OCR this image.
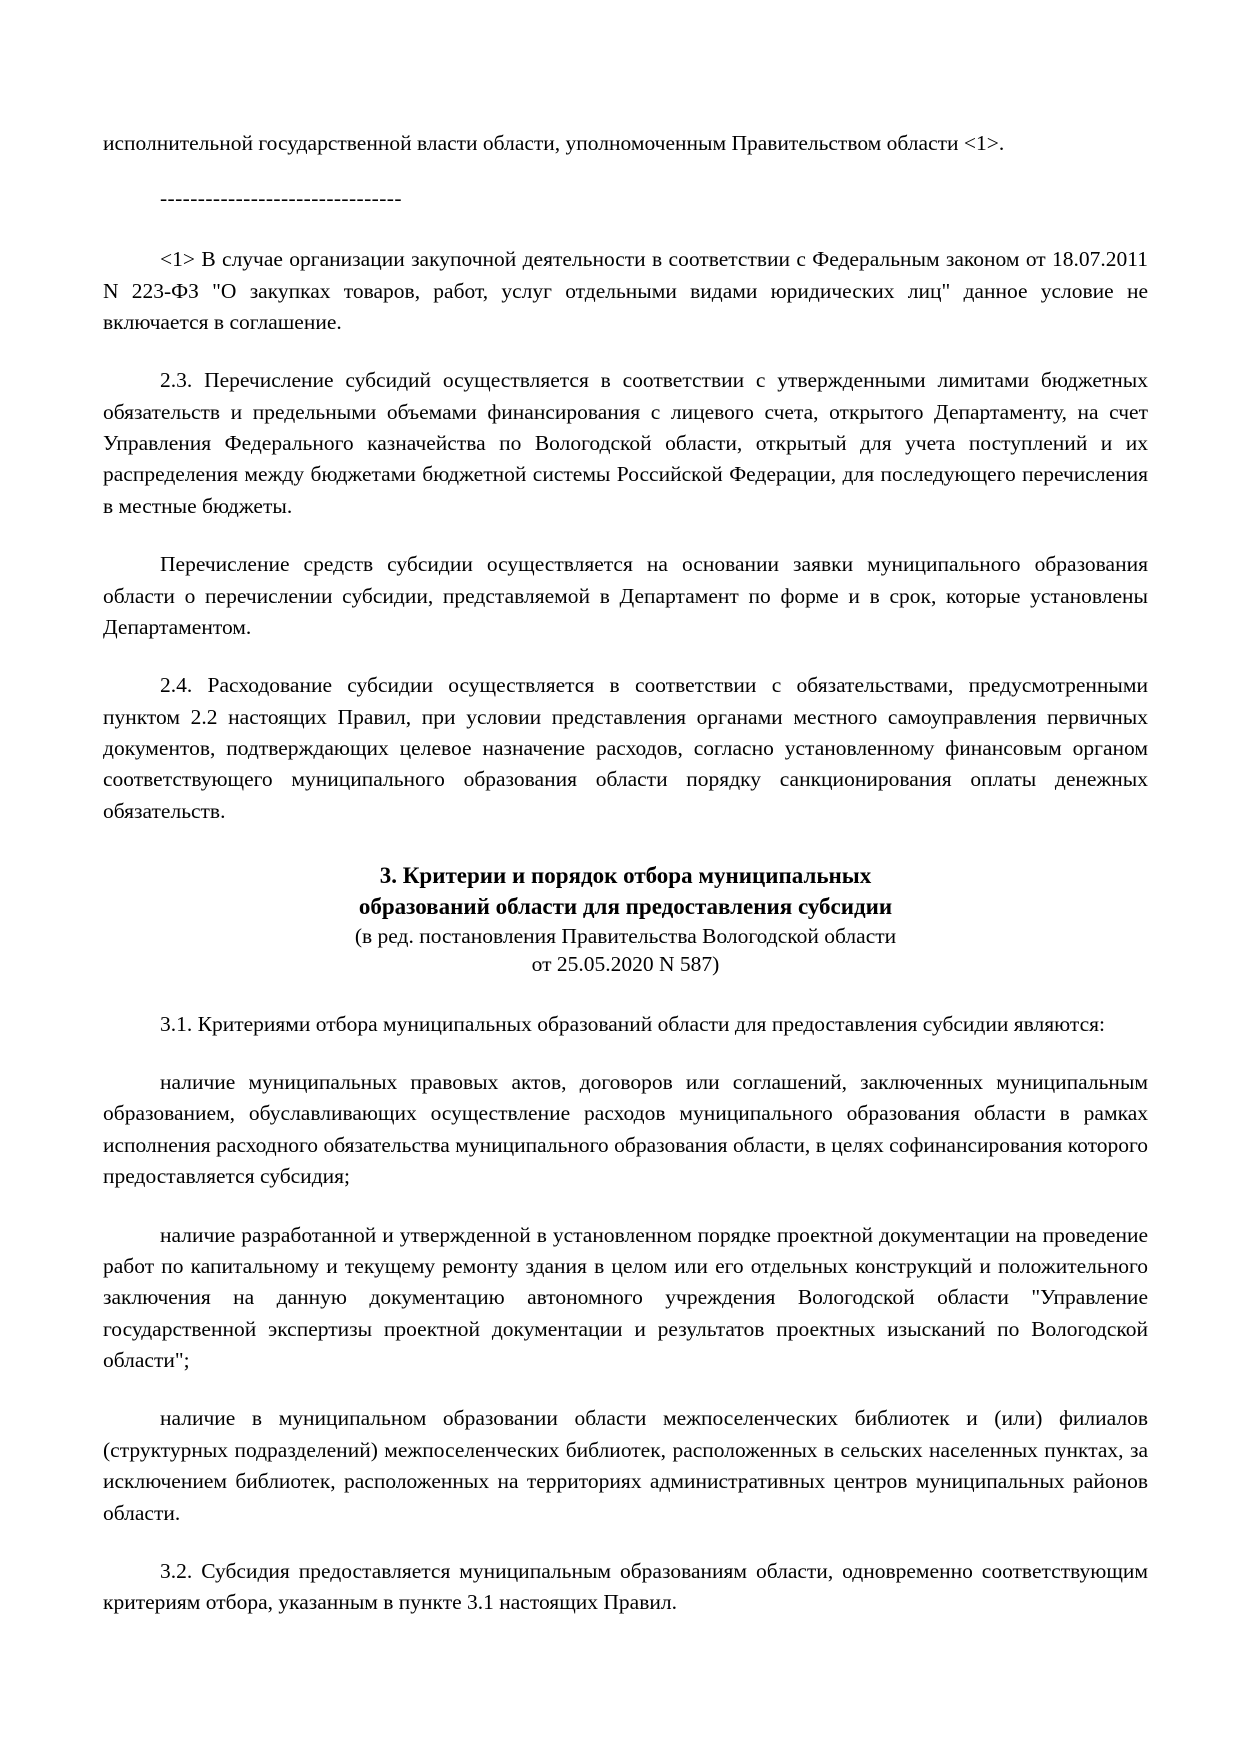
исполнительной государственной власти области, уполномоченным Правительством области <1>.

--------------------------------

<1> В случае организации закупочной деятельности в соответствии с Федеральным законом от 18.07.2011 N 223-ФЗ "О закупках товаров, работ, услуг отдельными видами юридических лиц" данное условие не включается в соглашение.

2.3. Перечисление субсидий осуществляется в соответствии с утвержденными лимитами бюджетных обязательств и предельными объемами финансирования с лицевого счета, открытого Департаменту, на счет Управления Федерального казначейства по Вологодской области, открытый для учета поступлений и их распределения между бюджетами бюджетной системы Российской Федерации, для последующего перечисления в местные бюджеты.

Перечисление средств субсидии осуществляется на основании заявки муниципального образования области о перечислении субсидии, представляемой в Департамент по форме и в срок, которые установлены Департаментом.

2.4. Расходование субсидии осуществляется в соответствии с обязательствами, предусмотренными пунктом 2.2 настоящих Правил, при условии представления органами местного самоуправления первичных документов, подтверждающих целевое назначение расходов, согласно установленному финансовым органом соответствующего муниципального образования области порядку санкционирования оплаты денежных обязательств.

3. Критерии и порядок отбора муниципальных
образований области для предоставления субсидии
(в ред. постановления Правительства Вологодской области
от 25.05.2020 N 587)

3.1. Критериями отбора муниципальных образований области для предоставления субсидии являются:

наличие муниципальных правовых актов, договоров или соглашений, заключенных муниципальным образованием, обуславливающих осуществление расходов муниципального образования области в рамках исполнения расходного обязательства муниципального образования области, в целях софинансирования которого предоставляется субсидия;

наличие разработанной и утвержденной в установленном порядке проектной документации на проведение работ по капитальному и текущему ремонту здания в целом или его отдельных конструкций и положительного заключения на данную документацию автономного учреждения Вологодской области "Управление государственной экспертизы проектной документации и результатов проектных изысканий по Вологодской области";

наличие в муниципальном образовании области межпоселенческих библиотек и (или) филиалов (структурных подразделений) межпоселенческих библиотек, расположенных в сельских населенных пунктах, за исключением библиотек, расположенных на территориях административных центров муниципальных районов области.

3.2. Субсидия предоставляется муниципальным образованиям области, одновременно соответствующим критериям отбора, указанным в пункте 3.1 настоящих Правил.
